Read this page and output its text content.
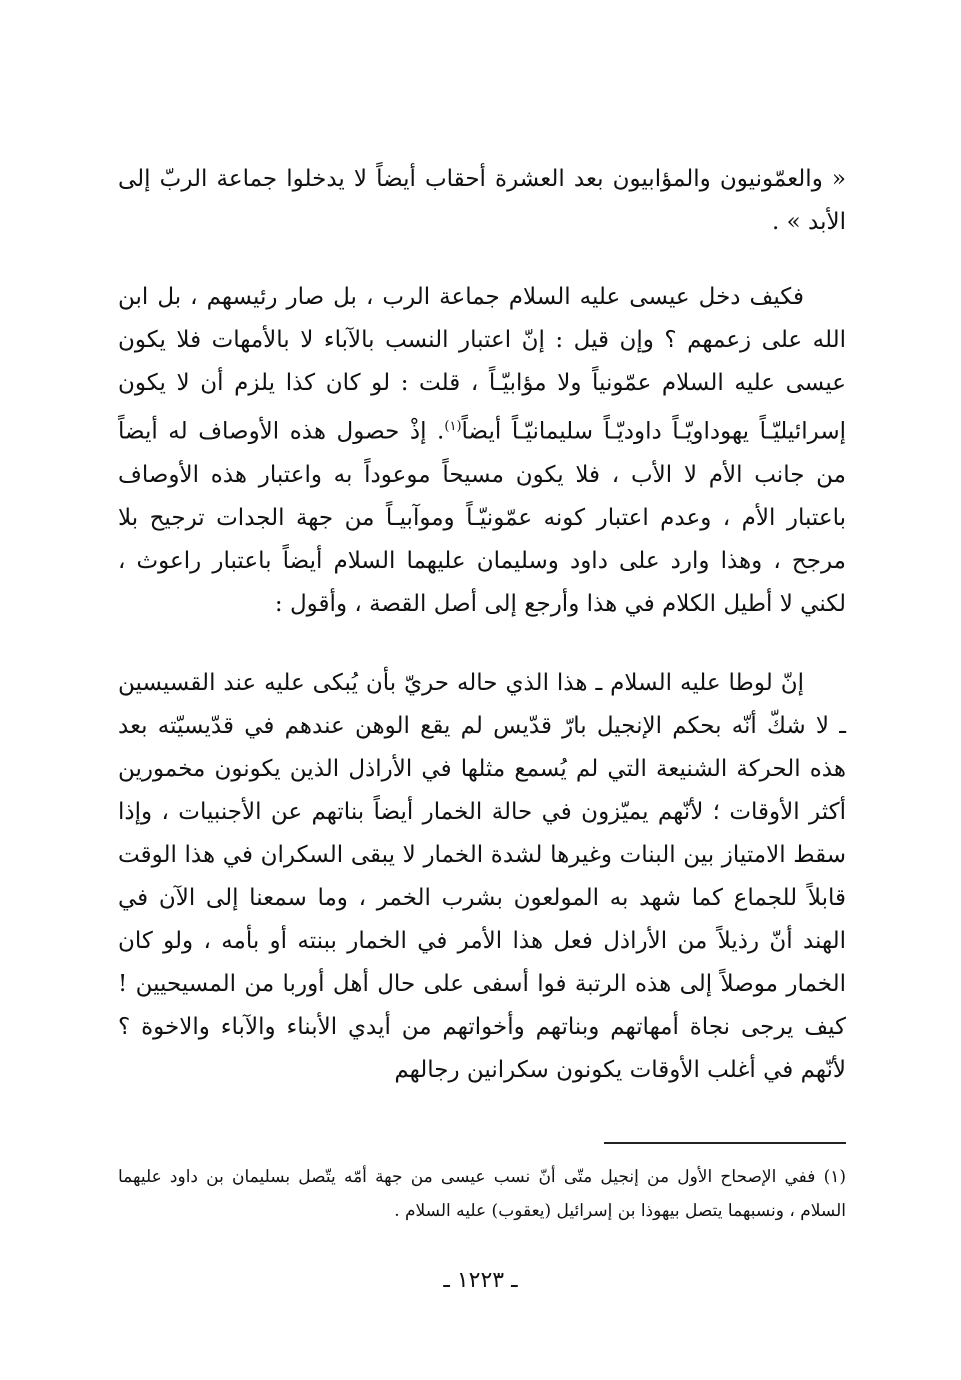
« والعمّونيون والمؤابيون بعد العشرة أحقاب أيضاً لا يدخلوا جماعة الربّ إلى الأبد » .

فكيف دخل عيسى عليه السلام جماعة الرب ، بل صار رئيسهم ، بل ابن الله على زعمهم ؟ وإن قيل : إنّ اعتبار النسب بالآباء لا بالأمهات فلا يكون عيسى عليه السلام عمّونياً ولا مؤابيّـاً ، قلت : لو كان كذا يلزم أن لا يكون إسرائيليّـاً يهوداويّـاً داوديّـاً سليمانيّـاً أيضاً$^{(١)}$. إذْ حصول هذه الأوصاف له أيضاً من جانب الأم لا الأب ، فلا يكون مسيحاً موعوداً به واعتبار هذه الأوصاف باعتبار الأم ، وعدم اعتبار كونه عمّونيّـاً وموآبيـاً من جهة الجدات ترجيح بلا مرجح ، وهذا وارد على داود وسليمان عليهما السلام أيضاً باعتبار راعوث ، لكني لا أطيل الكلام في هذا وأرجع إلى أصل القصة ، وأقول :

إنّ لوطا عليه السلام ـ هذا الذي حاله حريّ بأن يُبكى عليه عند القسيسين ـ لا شكّ أنّه بحكم الإنجيل بارّ قدّيس لم يقع الوهن عندهم في قدّيسيّته بعد هذه الحركة الشنيعة التي لم يُسمع مثلها في الأراذل الذين يكونون مخمورين أكثر الأوقات ؛ لأنّهم يميّزون في حالة الخمار أيضاً بناتهم عن الأجنبيات ، وإذا سقط الامتياز بين البنات وغيرها لشدة الخمار لا يبقى السكران في هذا الوقت قابلاً للجماع كما شهد به المولعون بشرب الخمر ، وما سمعنا إلى الآن في الهند أنّ رذيلاً من الأراذل فعل هذا الأمر في الخمار ببنته أو بأمه ، ولو كان الخمار موصلاً إلى هذه الرتبة فوا أسفى على حال أهل أوربا من المسيحيين ! كيف يرجى نجاة أمهاتهم وبناتهم وأخواتهم من أيدي الأبناء والآباء والاخوة ؟ لأنّهم في أغلب الأوقات يكونون سكرانين رجالهم

(١) ففي الإصحاح الأول من إنجيل متّى أنّ نسب عيسى من جهة أمّه يتّصل بسليمان بن داود عليهما السلام ، ونسبهما يتصل بيهوذا بن إسرائيل (يعقوب) عليه السلام .

ـ ١٢٢٣ ـ
